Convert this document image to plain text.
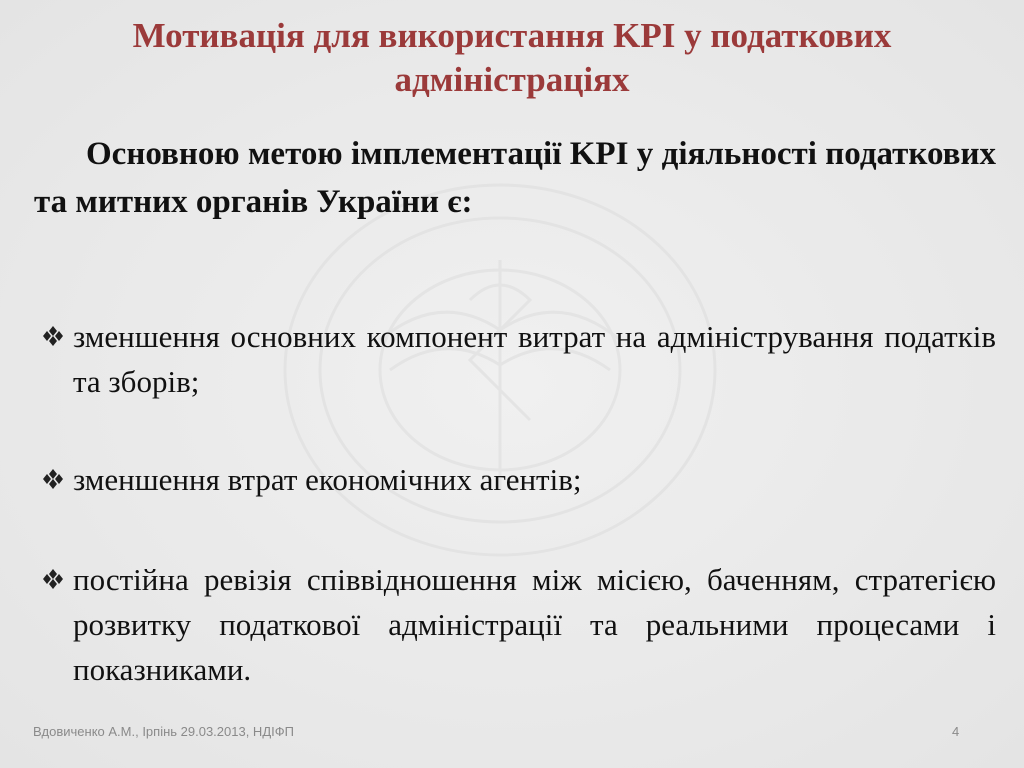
Мотивація для використання KPI у податкових адміністраціях

Основною метою імплементації KPI у діяльності податкових та митних органів України є:

зменшення основних компонент витрат на адміністрування податків та зборів;
зменшення втрат економічних агентів;
постійна ревізія співвідношення між місією, баченням, стратегією розвитку податкової адміністрації та реальними процесами і показниками.
Вдовиченко А.М., Ірпінь 29.03.2013, НДІФП	4
